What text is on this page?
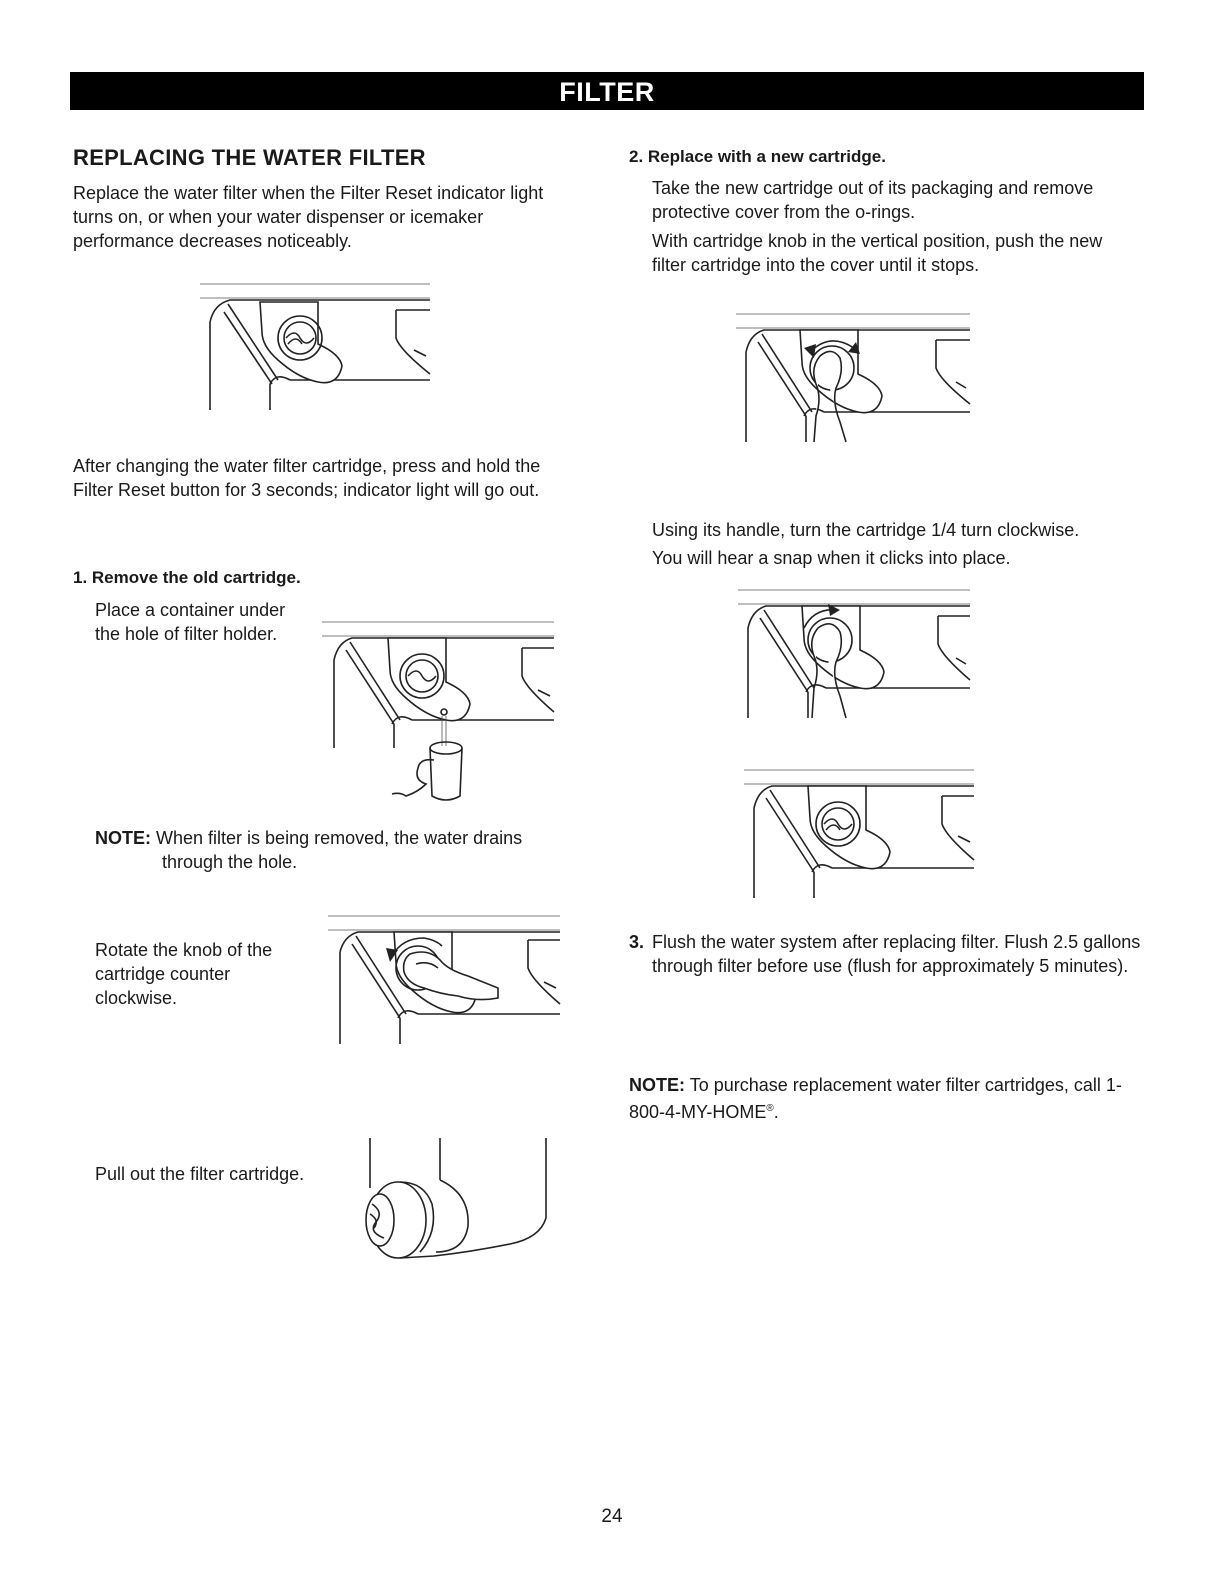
FILTER
REPLACING THE WATER FILTER

Replace the water filter when the Filter Reset indicator light turns on, or when your water dispenser or icemaker performance decreases noticeably.

After changing the water filter cartridge, press and hold the Filter Reset button for 3 seconds; indicator light will go out.

1. Remove the old cartridge.

Place a container under the hole of filter holder.

NOTE: When filter is being removed, the water drains
through the hole.

Rotate the knob of the cartridge counter clockwise.

Pull out the filter cartridge.

2. Replace with a new cartridge.

Take the new cartridge out of its packaging and remove protective cover from the o-rings.

With cartridge knob in the vertical position, push the new filter cartridge into the cover until it stops.

Using its handle, turn the cartridge 1/4 turn clockwise.

You will hear a snap when it clicks into place.

3. Flush the water system after replacing filter. Flush 2.5 gallons through filter before use (flush for approximately 5 minutes).

NOTE: To purchase replacement water filter cartridges, call 1-800-4-MY-HOME®.
24
